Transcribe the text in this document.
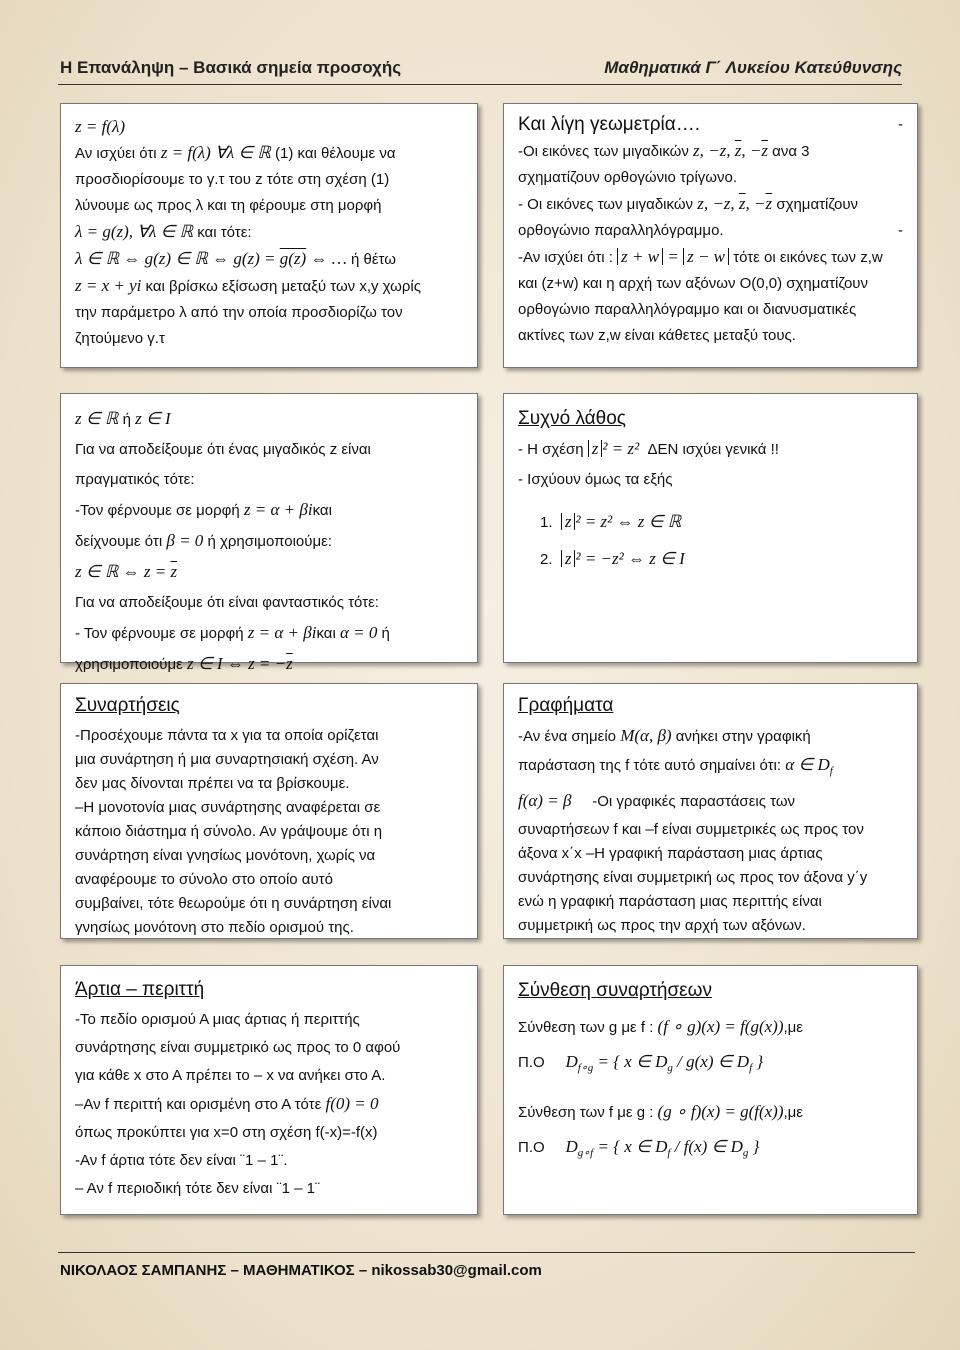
Η Επανάληψη – Βασικά σημεία προσοχής	Μαθηματικά Γ΄ Λυκείου Κατεύθυνσης
z = f(λ)
Αν ισχύει ότι z = f(λ) ∀λ ∈ ℝ (1) και θέλουμε να
προσδιορίσουμε το γ.τ του z τότε στη σχέση (1)
λύνουμε ως προς λ και τη φέρουμε στη μορφή
λ = g(z), ∀λ ∈ ℝ και τότε:
λ ∈ ℝ ⇔ g(z) ∈ ℝ ⇔ g(z) = g(z) ⇔ … ή θέτω
z = x + yi και βρίσκω εξίσωση μεταξύ των x,y χωρίς
την παράμετρο λ από την οποία προσδιορίζω τον
ζητούμενο γ.τ
Και λίγη γεωμετρία….	-
-Οι εικόνες των μιγαδικών z, −z, $\overline{z}$, $-\overline{z}$ ανα 3
σχηματίζουν ορθογώνιο τρίγωνο.
- Οι εικόνες των μιγαδικών z, −z, $\overline{z}$, $-\overline{z}$ σχηματίζουν
ορθογώνιο παραλληλόγραμμο.	-
-Αν ισχύει ότι : z + w = z − w τότε οι εικόνες των z,w
και (z+w) και η αρχή των αξόνων Ο(0,0) σχηματίζουν
ορθογώνιο παραλληλόγραμμο και οι διανυσματικές
ακτίνες των z,w είναι κάθετες μεταξύ τους.
z ∈ ℝ ή z ∈ I
Για να αποδείξουμε ότι ένας μιγαδικός z είναι
πραγματικός τότε:
-Τον φέρνουμε σε μορφή z = α + βiκαι
δείχνουμε ότι β = 0 ή χρησιμοποιούμε:
z ∈ ℝ ⇔ $z = \overline{z}$
Για να αποδείξουμε ότι είναι φανταστικός τότε:
- Τον φέρνουμε σε μορφή z = α + βiκαι α = 0 ή
χρησιμοποιούμε z ∈ I ⇔ $z = -\overline{z}$
Συχνό λάθος
- Η σχέση z ² = z² ΔΕΝ ισχύει γενικά !!
- Ισχύουν όμως τα εξής
1. z ² = z² ⇔ z ∈ ℝ
2. z ² = −z² ⇔ z ∈ I
Συναρτήσεις
-Προσέχουμε πάντα τα x για τα οποία ορίζεται
μια συνάρτηση ή μια συναρτησιακή σχέση. Αν
δεν μας δίνονται πρέπει να τα βρίσκουμε.
–Η μονοτονία μιας συνάρτησης αναφέρεται σε
κάποιο διάστημα ή σύνολο. Αν γράψουμε ότι η
συνάρτηση είναι γνησίως μονότονη, χωρίς να
αναφέρουμε το σύνολο στο οποίο αυτό
συμβαίνει, τότε θεωρούμε ότι η συνάρτηση είναι
γνησίως μονότονη στο πεδίο ορισμού της.
Γραφήματα
-Αν ένα σημείο M(α, β) ανήκει στην γραφική
παράσταση της f τότε αυτό σημαίνει ότι: α ∈ $D_f$
f(α) = β -Οι γραφικές παραστάσεις των
συναρτήσεων f και –f είναι συμμετρικές ως προς τον
άξονα x΄x –Η γραφική παράσταση μιας άρτιας
συνάρτησης είναι συμμετρική ως προς τον άξονα y΄y
ενώ η γραφική παράσταση μιας περιττής είναι
συμμετρική ως προς την αρχή των αξόνων.
Άρτια – περιττή
-Το πεδίο ορισμού Α μιας άρτιας ή περιττής
συνάρτησης είναι συμμετρικό ως προς το 0 αφού
για κάθε x στο Α πρέπει το – x να ανήκει στο Α.
–Αν f περιττή και ορισμένη στο Α τότε f(0) = 0
όπως προκύπτει για x=0 στη σχέση f(-x)=-f(x)
-Αν f άρτια τότε δεν είναι ¨1 – 1¨.
– Αν f περιοδική τότε δεν είναι ¨1 – 1¨
Σύνθεση συναρτήσεων
Σύνθεση των g με f : (f ∘ g)(x) = f(g(x)),με
Π.Ο $D_{f\circ g}$ = { x ∈ $D_g / g(x)$ ∈ $D_f$ }
Σύνθεση των f με g : (g ∘ f)(x) = g(f(x)),με
Π.Ο $D_{g\circ f}$ = { x ∈ $D_f / f(x)$ ∈ $D_g$ }
ΝΙΚΟΛΑΟΣ ΣΑΜΠΑΝΗΣ – ΜΑΘΗΜΑΤΙΚΟΣ – nikossab30@gmail.com
